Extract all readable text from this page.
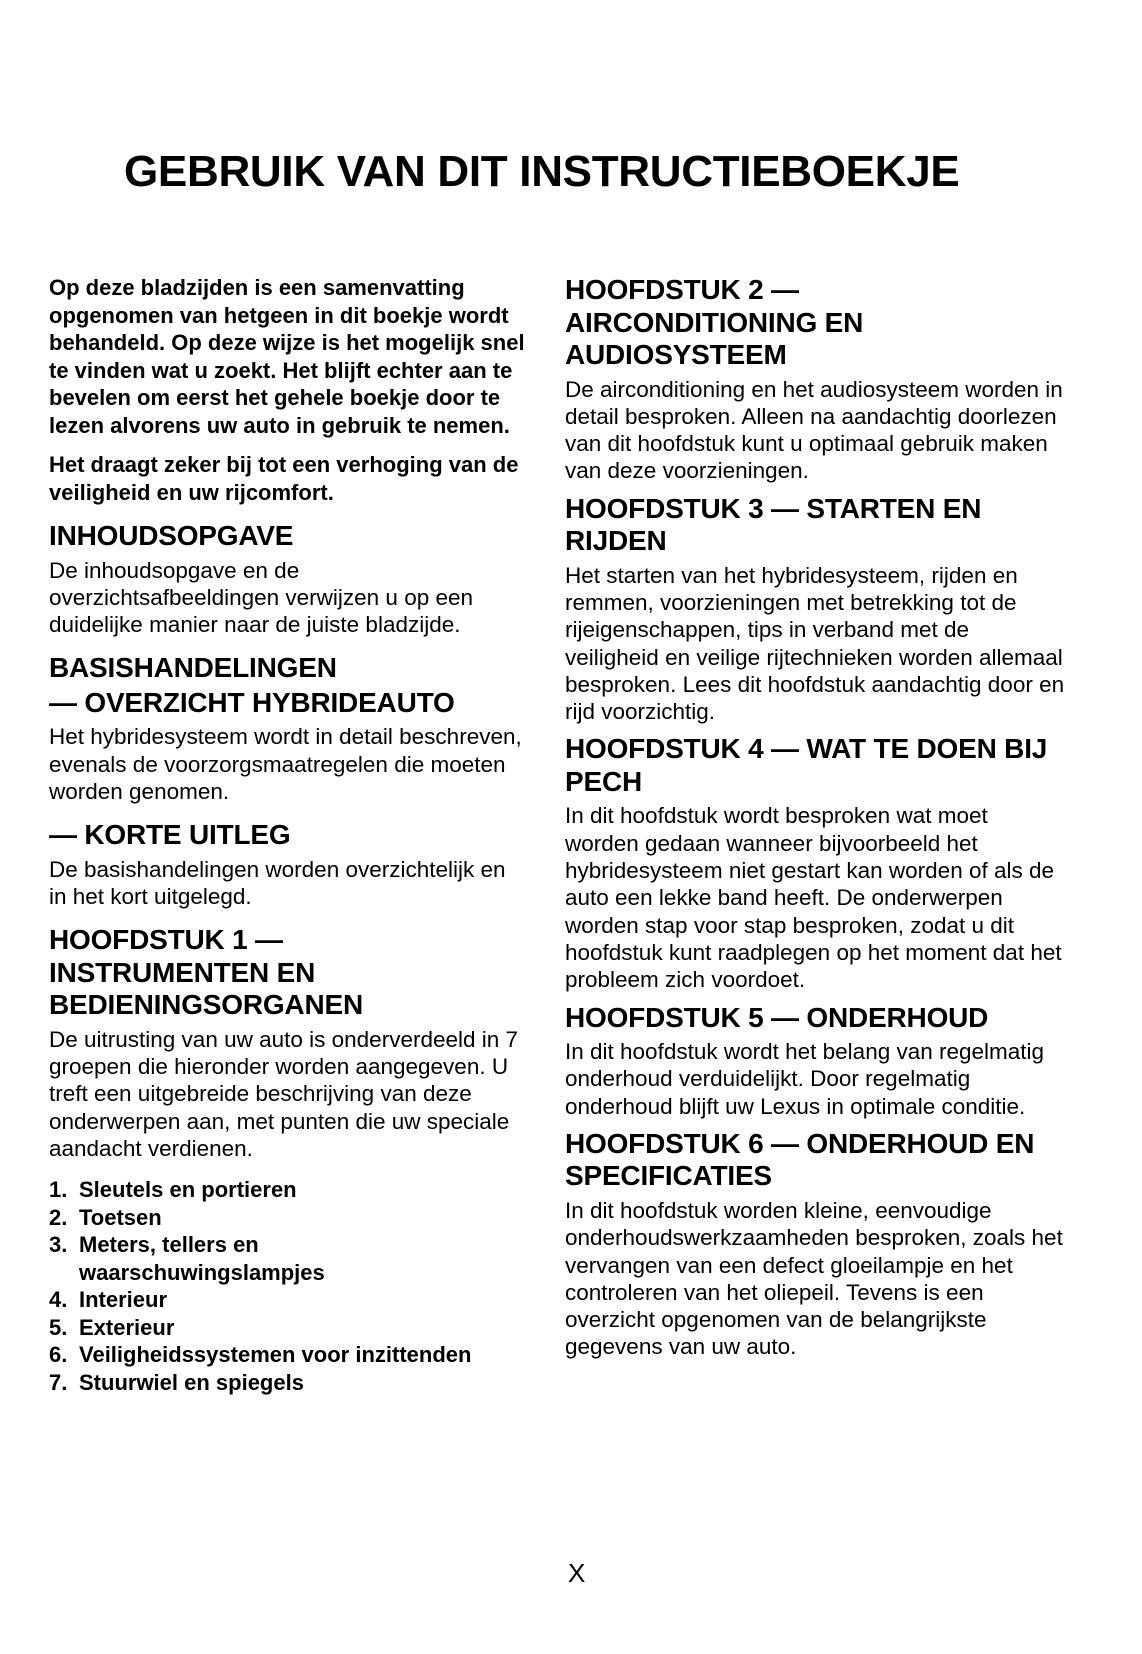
GEBRUIK VAN DIT INSTRUCTIEBOEKJE

Op deze bladzijden is een samenvatting opgenomen van hetgeen in dit boekje wordt behandeld. Op deze wijze is het mogelijk snel te vinden wat u zoekt. Het blijft echter aan te bevelen om eerst het gehele boekje door te lezen alvorens uw auto in gebruik te nemen.

Het draagt zeker bij tot een verhoging van de veiligheid en uw rijcomfort.

INHOUDSOPGAVE

De inhoudsopgave en de overzichtsafbeeldingen verwijzen u op een duidelijke manier naar de juiste bladzijde.

BASISHANDELINGEN
— OVERZICHT HYBRIDEAUTO

Het hybridesysteem wordt in detail beschreven, evenals de voorzorgsmaatregelen die moeten worden genomen.

— KORTE UITLEG

De basishandelingen worden overzichtelijk en in het kort uitgelegd.

HOOFDSTUK 1 — INSTRUMENTEN EN BEDIENINGSORGANEN

De uitrusting van uw auto is onderverdeeld in 7 groepen die hieronder worden aangegeven. U treft een uitgebreide beschrijving van deze onderwerpen aan, met punten die uw speciale aandacht verdienen.

1. Sleutels en portieren
2. Toetsen
3. Meters, tellers en waarschuwingslampjes
4. Interieur
5. Exterieur
6. Veiligheidssystemen voor inzittenden
7. Stuurwiel en spiegels
HOOFDSTUK 2 — AIRCONDITIONING EN AUDIOSYSTEEM

De airconditioning en het audiosysteem worden in detail besproken. Alleen na aandachtig doorlezen van dit hoofdstuk kunt u optimaal gebruik maken van deze voorzieningen.

HOOFDSTUK 3 — STARTEN EN RIJDEN

Het starten van het hybridesysteem, rijden en remmen, voorzieningen met betrekking tot de rijeigenschappen, tips in verband met de veiligheid en veilige rijtechnieken worden allemaal besproken. Lees dit hoofdstuk aandachtig door en rijd voorzichtig.

HOOFDSTUK 4 — WAT TE DOEN BIJ PECH

In dit hoofdstuk wordt besproken wat moet worden gedaan wanneer bijvoorbeeld het hybridesysteem niet gestart kan worden of als de auto een lekke band heeft. De onderwerpen worden stap voor stap besproken, zodat u dit hoofdstuk kunt raadplegen op het moment dat het probleem zich voordoet.

HOOFDSTUK 5 — ONDERHOUD

In dit hoofdstuk wordt het belang van regelmatig onderhoud verduidelijkt. Door regelmatig onderhoud blijft uw Lexus in optimale conditie.

HOOFDSTUK 6 — ONDERHOUD EN SPECIFICATIES

In dit hoofdstuk worden kleine, eenvoudige onderhoudswerkzaamheden besproken, zoals het vervangen van een defect gloeilampje en het controleren van het oliepeil. Tevens is een overzicht opgenomen van de belangrijkste gegevens van uw auto.

X
